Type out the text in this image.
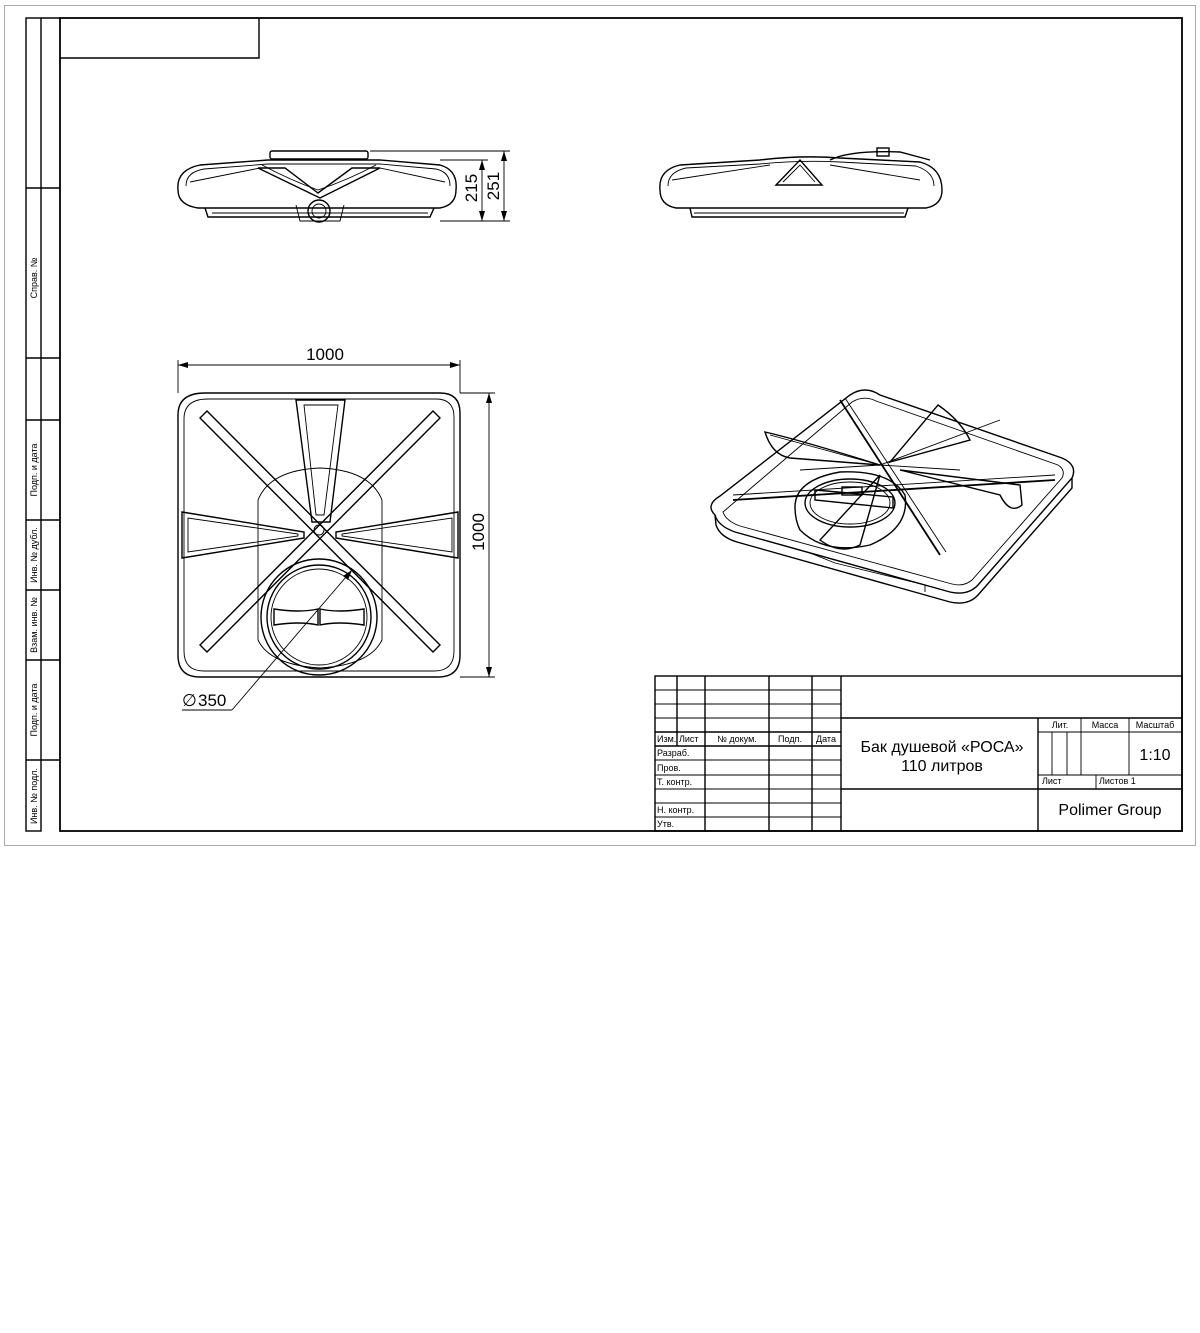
Справ. №
Подп. и дата
Инв. № дубл.
Взам. инв. №
Подп. и дата
Инв. № подл.
215 251
1000
1000
∅ 350
Изм. Лист № докум. Подп. Дата
Разраб.
Пров.
Т. контр.
Н. контр.
Утв.
Бак душевой «РОСА»
110 литров
Лит.	Масса Масштаб
1:10
Лист	Листов 1
Polimer Group
